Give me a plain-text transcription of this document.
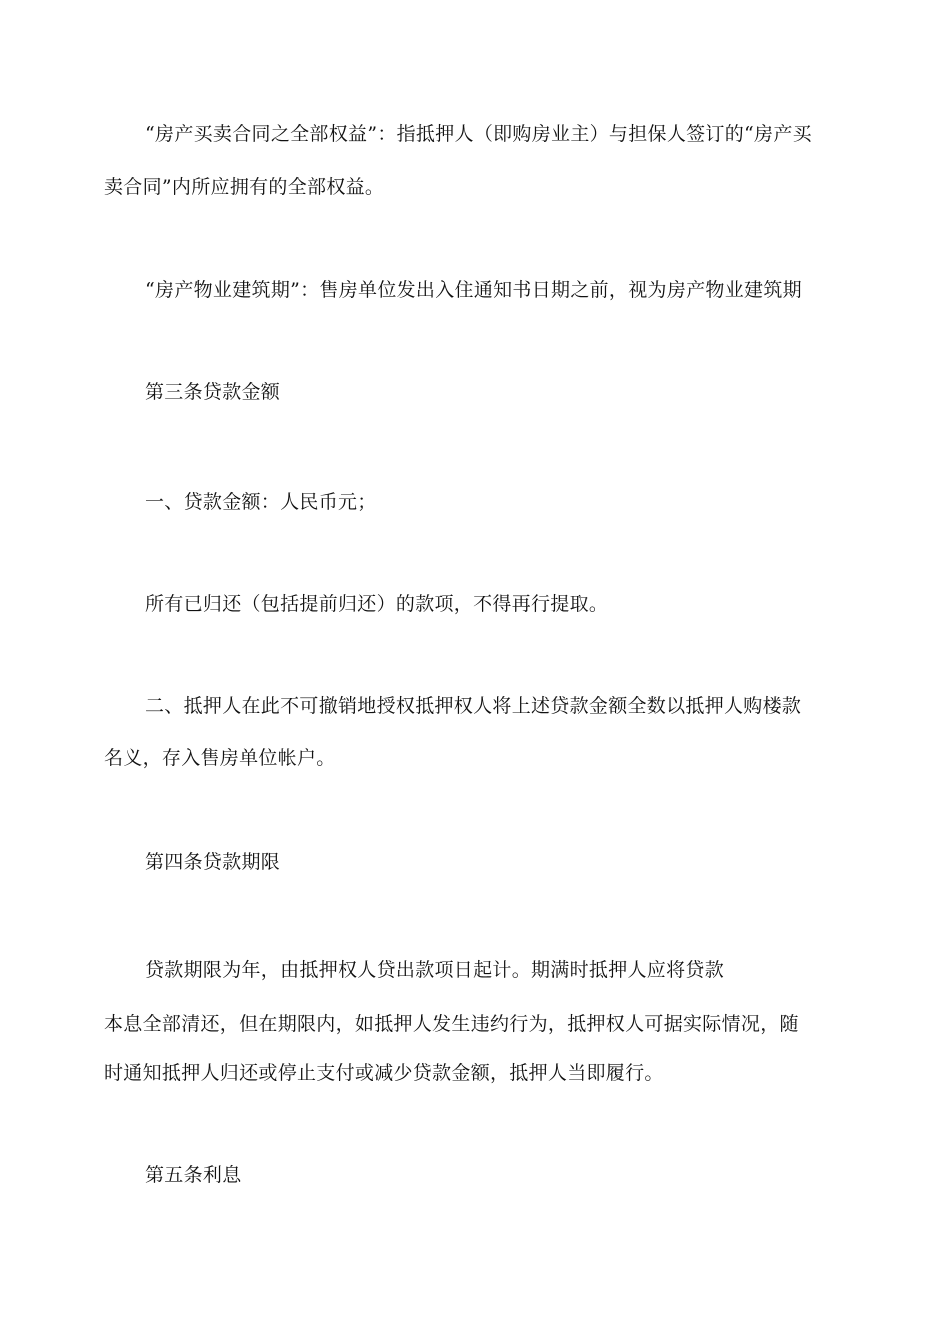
“房产买卖合同之全部权益”：指抵押人（即购房业主）与担保人签订的“房产买
卖合同”内所应拥有的全部权益。
“房产物业建筑期”：售房单位发出入住通知书日期之前，视为房产物业建筑期
第三条贷款金额
一、贷款金额：人民币元；
所有已归还（包括提前归还）的款项，不得再行提取。
二、抵押人在此不可撤销地授权抵押权人将上述贷款金额全数以抵押人购楼款
名义，存入售房单位帐户。
第四条贷款期限
贷款期限为年，由抵押权人贷出款项日起计。期满时抵押人应将贷款
本息全部清还，但在期限内，如抵押人发生违约行为，抵押权人可据实际情况，随
时通知抵押人归还或停止支付或减少贷款金额，抵押人当即履行。
第五条利息
